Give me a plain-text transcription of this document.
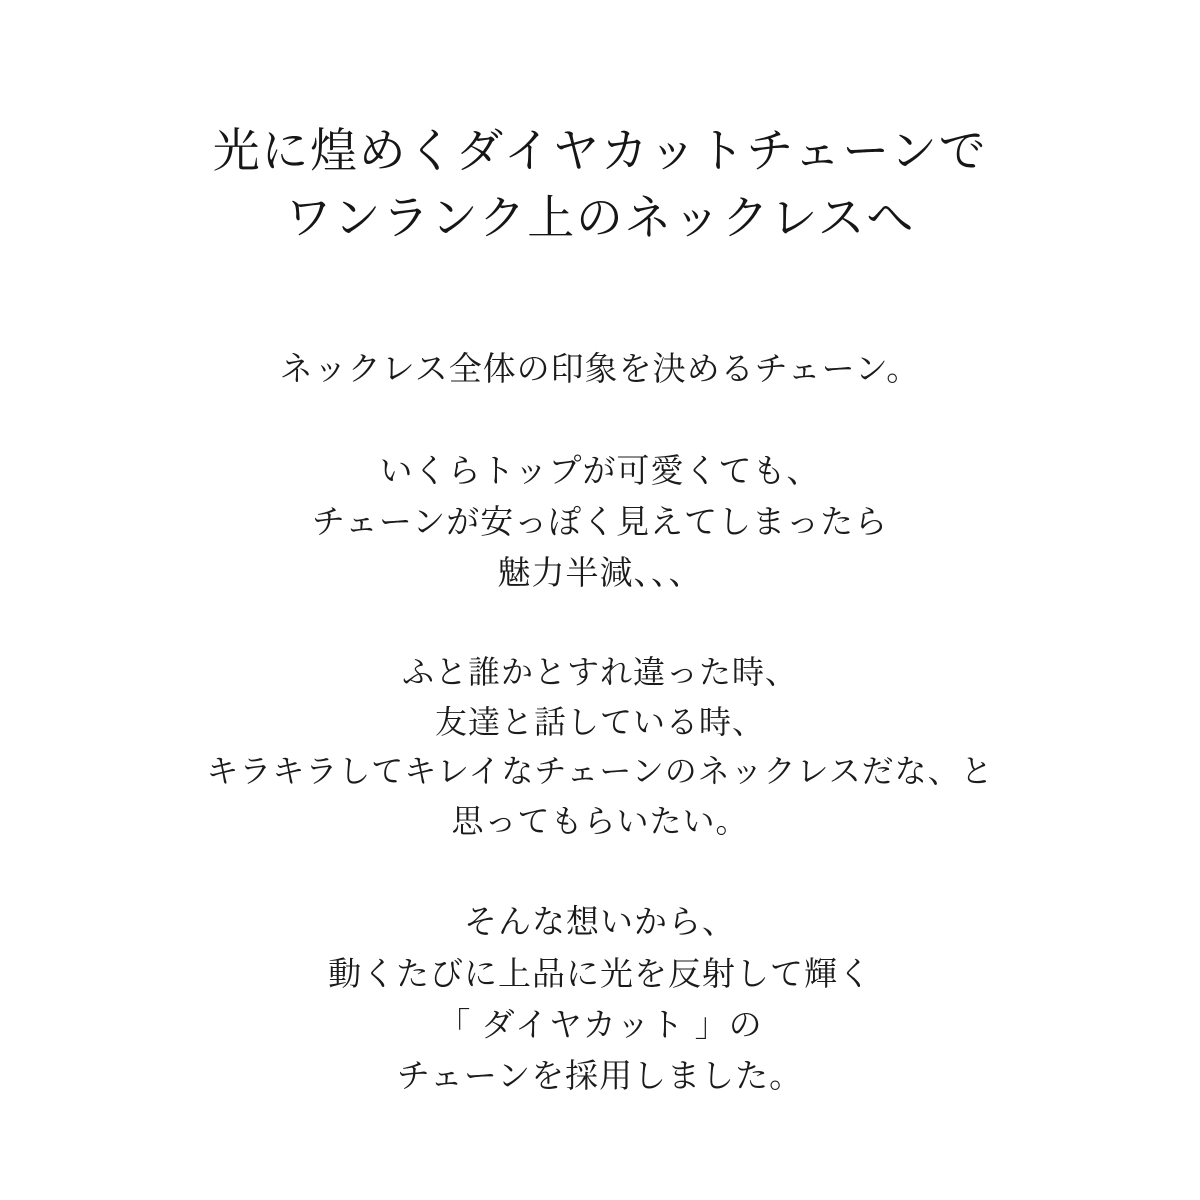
光に煌めくダイヤカットチェーンで
ワンランク上のネックレスへ

ネックレス全体の印象を決めるチェーン。

いくらトップが可愛くても、
チェーンが安っぽく見えてしまったら
魅力半減、、、

ふと誰かとすれ違った時、
友達と話している時、
キラキラしてキレイなチェーンのネックレスだな、と
思ってもらいたい。

そんな想いから、
動くたびに上品に光を反射して輝く
「 ダイヤカット 」の
チェーンを採用しました。
